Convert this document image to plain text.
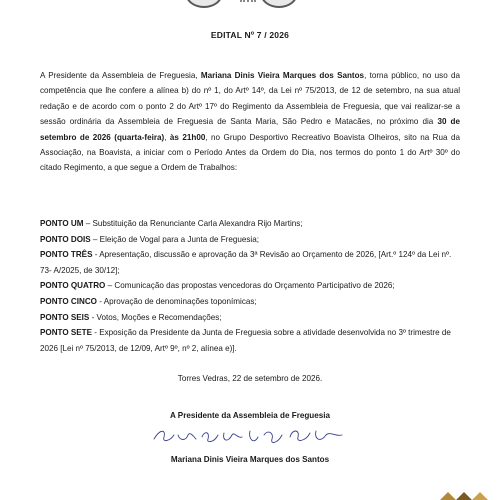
EDITAL Nº 7 / 2026

A Presidente da Assembleia de Freguesia, Mariana Dinis Vieira Marques dos Santos, torna público, no uso da competência que lhe confere a alínea b) do nº 1, do Artº 14º, da Lei nº 75/2013, de 12 de setembro, na sua atual redação e de acordo com o ponto 2 do Artº 17º do Regimento da Assembleia de Freguesia, que vai realizar-se a sessão ordinária da Assembleia de Freguesia de Santa Maria, São Pedro e Matacães, no próximo dia 30 de setembro de 2026 (quarta-feira), às 21h00, no Grupo Desportivo Recreativo Boavista Olheiros, sito na Rua da Associação, na Boavista, a iniciar com o Período Antes da Ordem do Dia, nos termos do ponto 1 do Artº 30º do citado Regimento, a que segue a Ordem de Trabalhos:

PONTO UM – Substituição da Renunciante Carla Alexandra Rijo Martins;

PONTO DOIS – Eleição de Vogal para a Junta de Freguesia;

PONTO TRÊS - Apresentação, discussão e aprovação da 3ª Revisão ao Orçamento de 2026, [Art.º 124º da Lei nº. 73- A/2025, de 30/12];

PONTO QUATRO – Comunicação das propostas vencedoras do Orçamento Participativo de 2026;

PONTO CINCO - Aprovação de denominações toponímicas;

PONTO SEIS - Votos, Moções e Recomendações;

PONTO SETE - Exposição da Presidente da Junta de Freguesia sobre a atividade desenvolvida no 3º trimestre de 2026 [Lei nº 75/2013, de 12/09, Artº 9º, nº 2, alínea e)].

Torres Vedras, 22 de setembro de 2026.
A Presidente da Assembleia de Freguesia
Mariana Dinis Vieira Marques dos Santos
